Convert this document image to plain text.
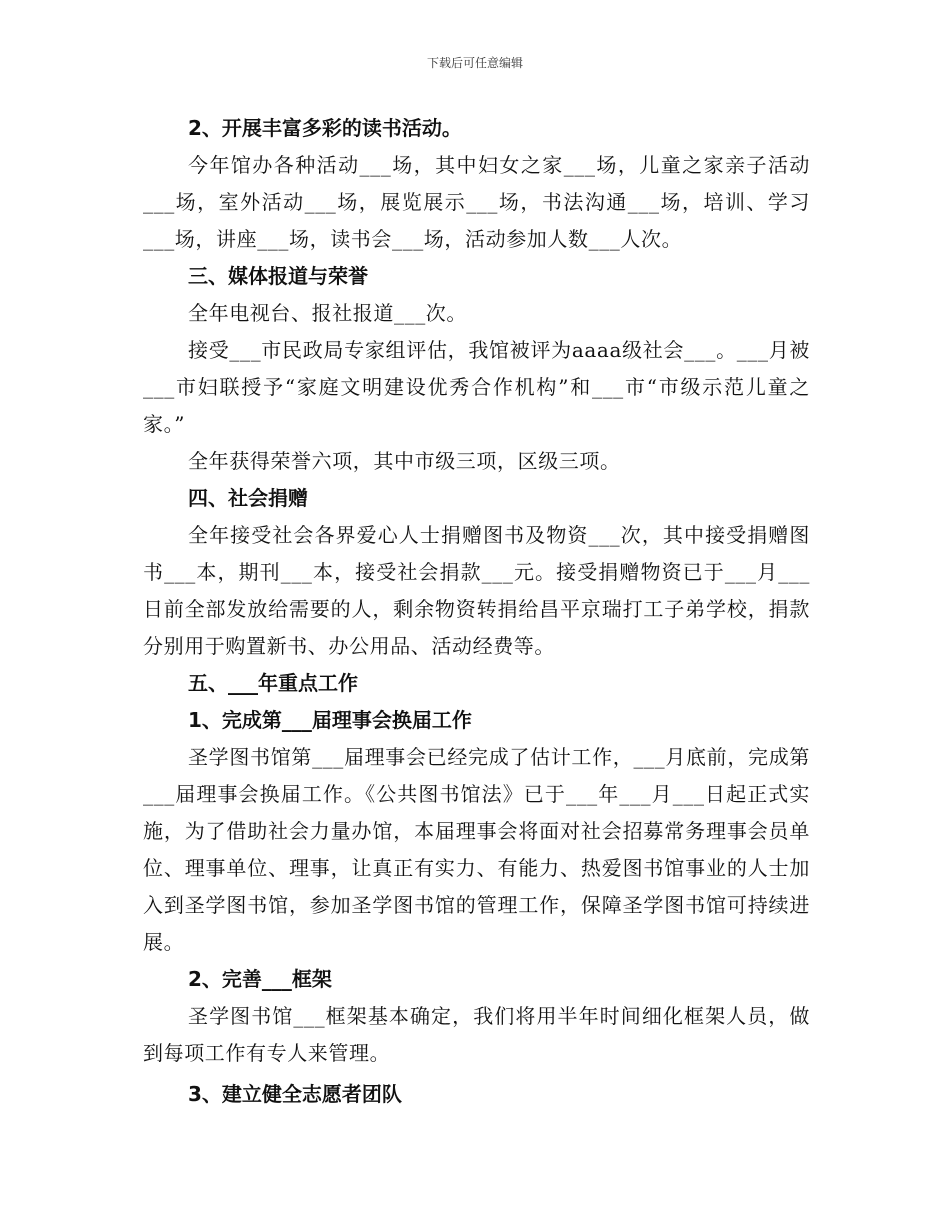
下载后可任意编辑
2、开展丰富多彩的读书活动。

今年馆办各种活动___场，其中妇女之家___场，儿童之家亲子活动___场，室外活动___场，展览展示___场，书法沟通___场，培训、学习___场，讲座___场，读书会___场，活动参加人数___人次。

三、媒体报道与荣誉

全年电视台、报社报道___次。

接受___市民政局专家组评估，我馆被评为aaaa级社会___。___月被___市妇联授予“家庭文明建设优秀合作机构”和___市“市级示范儿童之家。”

全年获得荣誉六项，其中市级三项，区级三项。

四、社会捐赠

全年接受社会各界爱心人士捐赠图书及物资___次，其中接受捐赠图书___本，期刊___本，接受社会捐款___元。接受捐赠物资已于___月___日前全部发放给需要的人，剩余物资转捐给昌平京瑞打工子弟学校，捐款分别用于购置新书、办公用品、活动经费等。

五、___年重点工作
1、完成第___届理事会换届工作

圣学图书馆第___届理事会已经完成了估计工作，___月底前，完成第___届理事会换届工作。《公共图书馆法》已于___年___月___日起正式实施，为了借助社会力量办馆，本届理事会将面对社会招募常务理事会员单位、理事单位、理事，让真正有实力、有能力、热爱图书馆事业的人士加入到圣学图书馆，参加圣学图书馆的管理工作，保障圣学图书馆可持续进展。

2、完善___框架

圣学图书馆___框架基本确定，我们将用半年时间细化框架人员，做到每项工作有专人来管理。

3、建立健全志愿者团队
